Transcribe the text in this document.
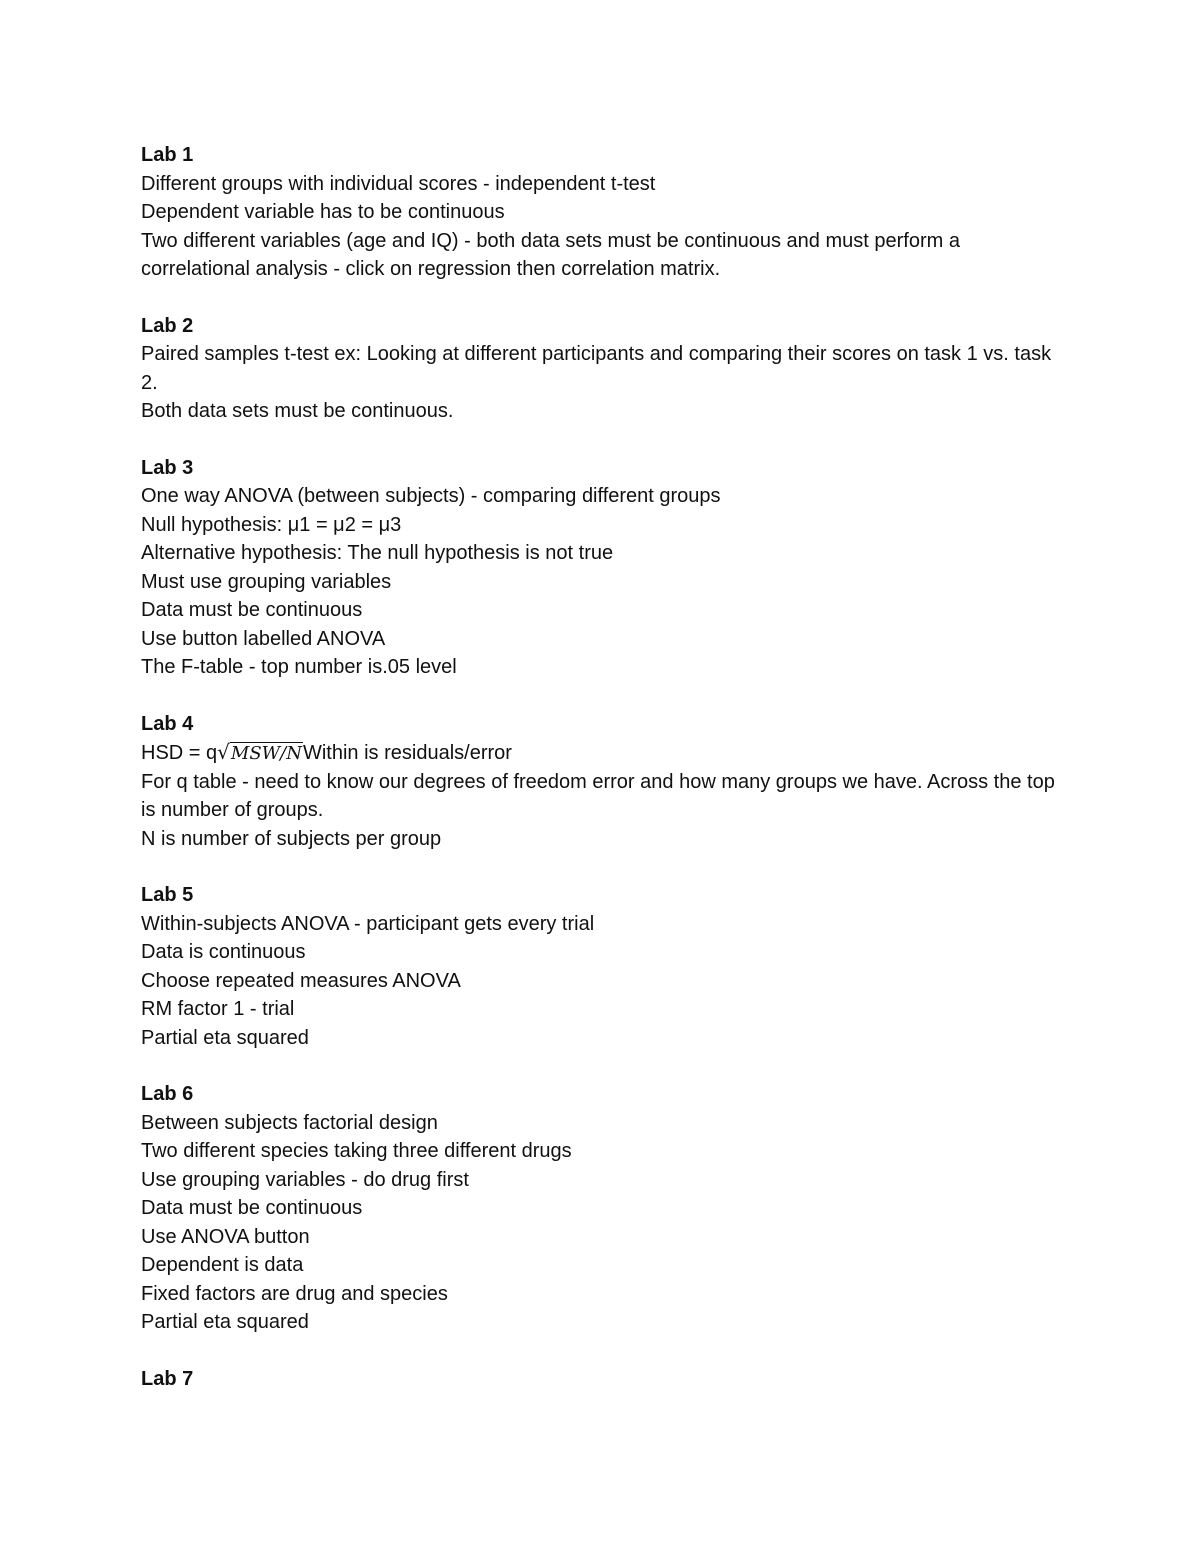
Lab 1

Different groups with individual scores - independent t-test

Dependent variable has to be continuous

Two different variables (age and IQ) - both data sets must be continuous and must perform a correlational analysis - click on regression then correlation matrix.

Lab 2

Paired samples t-test ex: Looking at different participants and comparing their scores on task 1 vs. task 2.

Both data sets must be continuous.

Lab 3

One way ANOVA (between subjects) - comparing different groups

Null hypothesis: μ1 = μ2 = μ3

Alternative hypothesis: The null hypothesis is not true

Must use grouping variables

Data must be continuous

Use button labelled ANOVA

The F-table - top number is.05 level

Lab 4

HSD = q√MSW/NWithin is residuals/error

For q table - need to know our degrees of freedom error and how many groups we have. Across the top is number of groups.

N is number of subjects per group

Lab 5

Within-subjects ANOVA - participant gets every trial

Data is continuous

Choose repeated measures ANOVA

RM factor 1 - trial

Partial eta squared

Lab 6

Between subjects factorial design

Two different species taking three different drugs

Use grouping variables - do drug first

Data must be continuous

Use ANOVA button

Dependent is data

Fixed factors are drug and species

Partial eta squared

Lab 7
